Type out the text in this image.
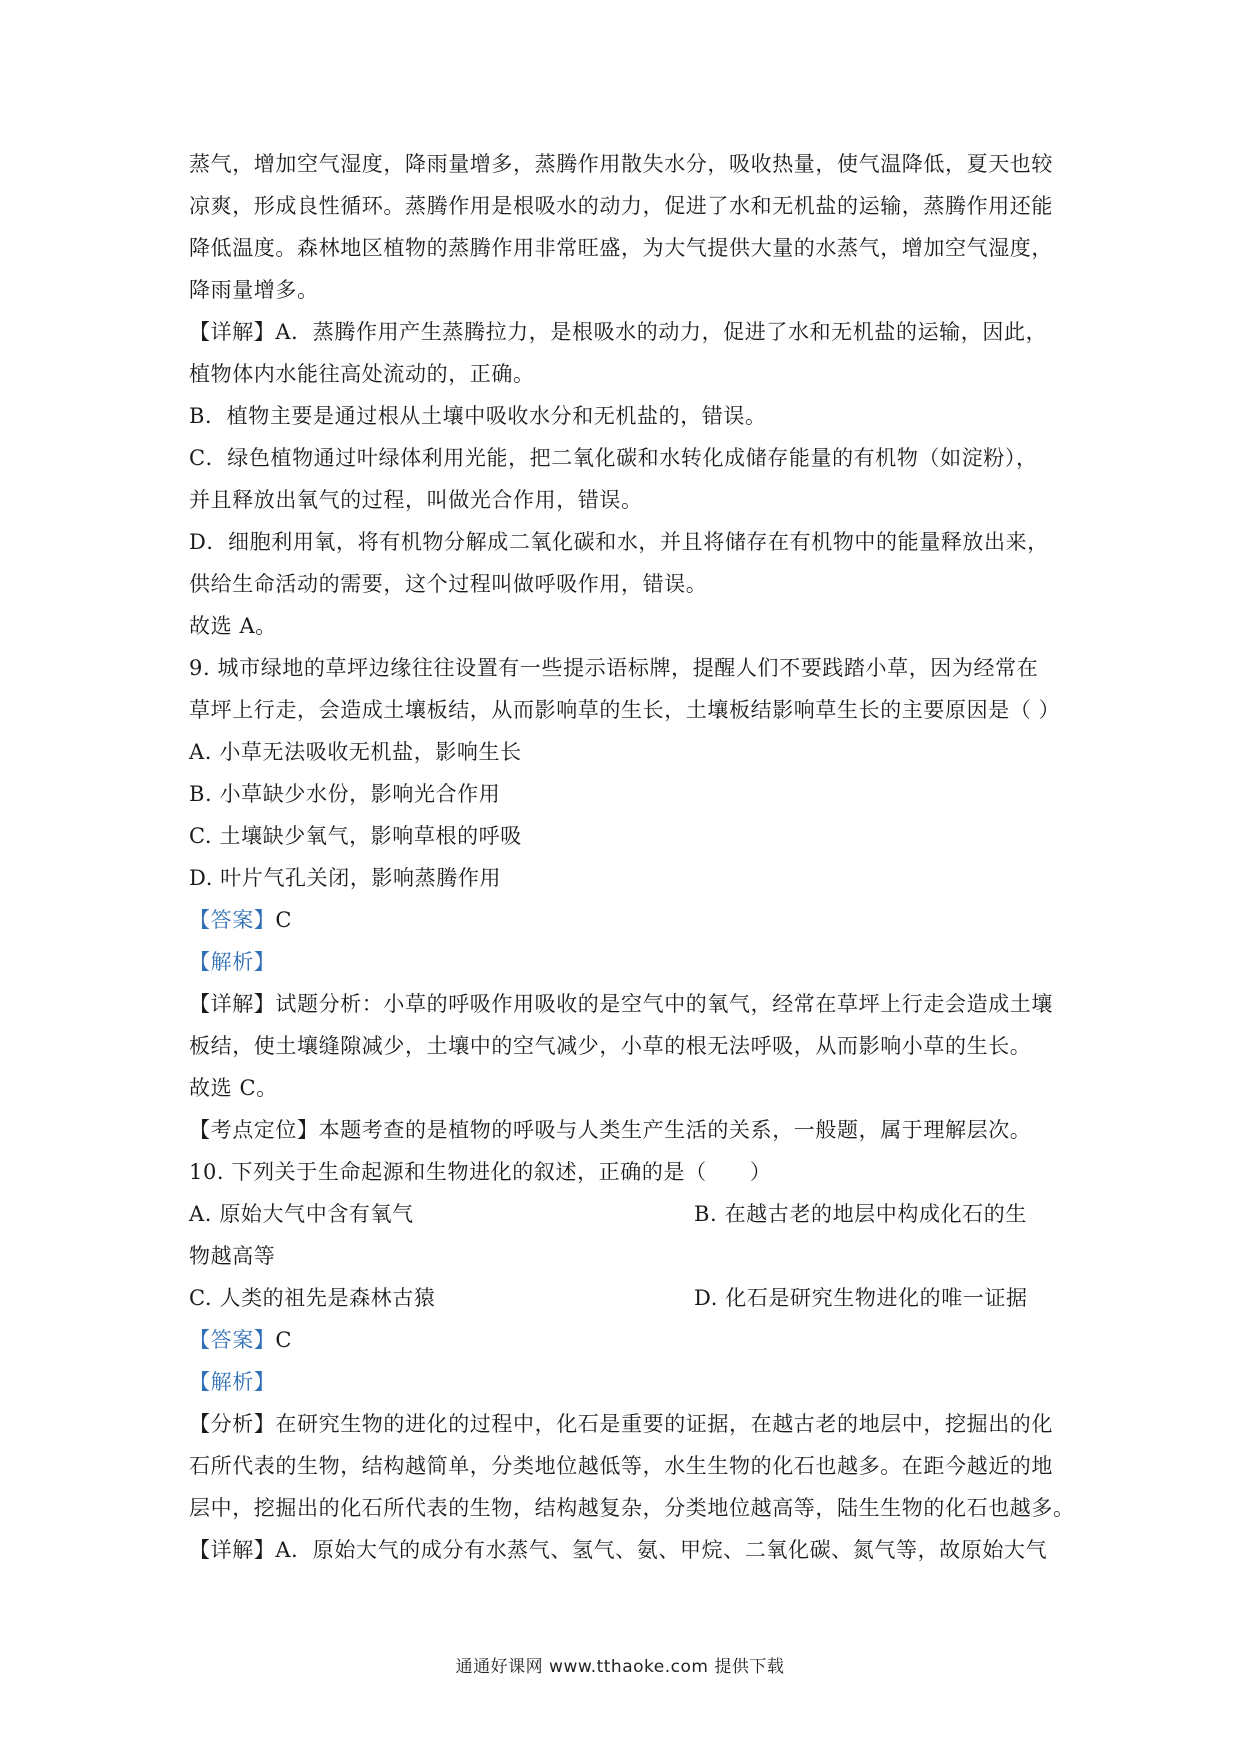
蒸气，增加空气湿度，降雨量增多，蒸腾作用散失水分，吸收热量，使气温降低，夏天也较
凉爽，形成良性循环。蒸腾作用是根吸水的动力，促进了水和无机盐的运输，蒸腾作用还能
降低温度。森林地区植物的蒸腾作用非常旺盛，为大气提供大量的水蒸气，增加空气湿度，
降雨量增多。
【详解】A．蒸腾作用产生蒸腾拉力，是根吸水的动力，促进了水和无机盐的运输，因此，
植物体内水能往高处流动的，正确。
B．植物主要是通过根从土壤中吸收水分和无机盐的，错误。
C．绿色植物通过叶绿体利用光能，把二氧化碳和水转化成储存能量的有机物（如淀粉），
并且释放出氧气的过程，叫做光合作用，错误。
D．细胞利用氧，将有机物分解成二氧化碳和水，并且将储存在有机物中的能量释放出来，
供给生命活动的需要，这个过程叫做呼吸作用，错误。
故选 A。
9. 城市绿地的草坪边缘往往设置有一些提示语标牌，提醒人们不要践踏小草，因为经常在
草坪上行走，会造成土壤板结，从而影响草的生长，土壤板结影响草生长的主要原因是（ ）
A. 小草无法吸收无机盐，影响生长
B. 小草缺少水份，影响光合作用
C. 土壤缺少氧气，影响草根的呼吸
D. 叶片气孔关闭，影响蒸腾作用
【答案】C
【解析】
【详解】试题分析：小草的呼吸作用吸收的是空气中的氧气，经常在草坪上行走会造成土壤
板结，使土壤缝隙减少，土壤中的空气减少，小草的根无法呼吸，从而影响小草的生长。
故选 C。
【考点定位】本题考查的是植物的呼吸与人类生产生活的关系，一般题，属于理解层次。
10. 下列关于生命起源和生物进化的叙述，正确的是（　　）
A. 原始大气中含有氧气	B. 在越古老的地层中构成化石的生
物越高等
C. 人类的祖先是森林古猿	D. 化石是研究生物进化的唯一证据
【答案】C
【解析】
【分析】在研究生物的进化的过程中，化石是重要的证据，在越古老的地层中，挖掘出的化
石所代表的生物，结构越简单，分类地位越低等，水生生物的化石也越多。在距今越近的地
层中，挖掘出的化石所代表的生物，结构越复杂，分类地位越高等，陆生生物的化石也越多。
【详解】A．原始大气的成分有水蒸气、氢气、氨、甲烷、二氧化碳、氮气等，故原始大气
通通好课网 www.tthaoke.com 提供下载
